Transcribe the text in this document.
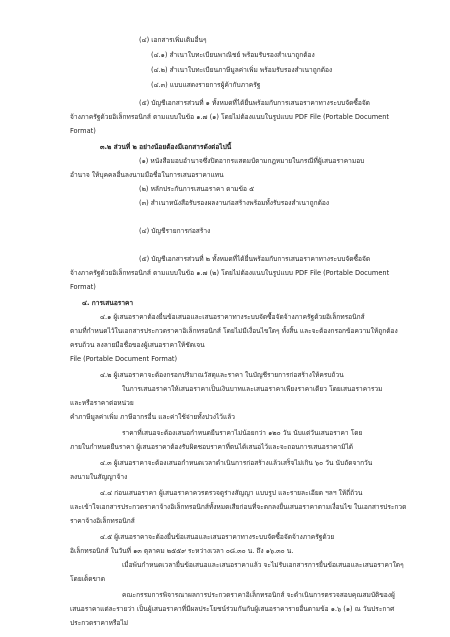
(๔) เอกสารเพิ่มเติมอื่นๆ
(๔.๑) สำเนาใบทะเบียนพาณิชย์ พร้อมรับรองสำเนาถูกต้อง
(๔.๒) สำเนาใบทะเบียนภาษีมูลค่าเพิ่ม พร้อมรับรองสำเนาถูกต้อง
(๔.๓) แบบแสดงรายการผู้ค้ากับภาครัฐ
(๕) บัญชีเอกสารส่วนที่ ๑ ทั้งหมดที่ได้ยื่นพร้อมกับการเสนอราคาทางระบบจัดซื้อจัด
จ้างภาครัฐด้วยอิเล็กทรอนิกส์ ตามแบบในข้อ ๑.๗ (๑) โดยไม่ต้องแนบในรูปแบบ PDF File (Portable Document
Format)
๓.๒ ส่วนที่ ๒ อย่างน้อยต้องมีเอกสารดังต่อไปนี้
(๑) หนังสือมอบอำนาจซึ่งปิดอากรแสตมป์ตามกฎหมายในกรณีที่ผู้เสนอราคามอบ
อำนาจ ให้บุคคลอื่นลงนามมือชื่อในการเสนอราคาแทน
(๒) หลักประกันการเสนอราคา ตามข้อ ๕
(๓) สำเนาหนังสือรับรองผลงานก่อสร้างพร้อมทั้งรับรองสำเนาถูกต้อง
(๔) บัญชีรายการก่อสร้าง
(๕) บัญชีเอกสารส่วนที่ ๒ ทั้งหมดที่ได้ยื่นพร้อมกับการเสนอราคาทางระบบจัดซื้อจัด
จ้างภาครัฐด้วยอิเล็กทรอนิกส์ ตามแบบในข้อ ๑.๗ (๒) โดยไม่ต้องแนบในรูปแบบ PDF File (Portable Document
Format)
๔. การเสนอราคา
๔.๑ ผู้เสนอราคาต้องยื่นข้อเสนอและเสนอราคาทางระบบจัดซื้อจัดจ้างภาครัฐด้วยอิเล็กทรอนิกส์
ตามที่กำหนดไว้ในเอกสารประกวดราคาอิเล็กทรอนิกส์ โดยไม่มีเงื่อนไขใดๆ ทั้งสิ้น และจะต้องกรอกข้อความให้ถูกต้อง
ครบถ้วน ลงลายมือชื่อของผู้เสนอราคาให้ชัดเจน
File (Portable Document Format)
๔.๒ ผู้เสนอราคาจะต้องกรอกปริมาณวัสดุและราคา ในบัญชีรายการก่อสร้างให้ครบถ้วน
ในการเสนอราคาให้เสนอราคาเป็นเงินบาทและเสนอราคาเพียงราคาเดียว โดยเสนอราคารวม
และหรือราคาต่อหน่วย
คำภาษีมูลค่าเพิ่ม ภาษีอากรอื่น และค่าใช้จ่ายทั้งปวงไว้แล้ว
ราคาที่เสนอจะต้องเสนอกำหนดยืนราคาไม่น้อยกว่า ๑๒๐ วัน นับแต่วันเสนอราคา โดย
ภายในกำหนดยืนราคา ผู้เสนอราคาต้องรับผิดชอบราคาที่ตนได้เสนอไว้และจะถอนการเสนอราคามิได้
๔.๓ ผู้เสนอราคาจะต้องเสนอกำหนดเวลาดำเนินการก่อสร้างแล้วเสร็จไม่เกิน ๖๐ วัน นับถัดจากวัน
ลงนามในสัญญาจ้าง
๔.๔ ก่อนเสนอราคา ผู้เสนอราคาควรตรวจดูร่างสัญญา แบบรูป และรายละเอียด ฯลฯ ให้ถี่ถ้วน
และเข้าใจเอกสารประกวดราคาจ้างอิเล็กทรอนิกส์ทั้งหมดเสียก่อนที่จะตกลงยื่นเสนอราคาตามเงื่อนไข ในเอกสารประกวด
ราคาจ้างอิเล็กทรอนิกส์
๔.๕ ผู้เสนอราคาจะต้องยื่นข้อเสนอและเสนอราคาทางระบบจัดซื้อจัดจ้างภาครัฐด้วย
อิเล็กทรอนิกส์ ในวันที่ ๑๓ ตุลาคม ๒๕๕๙ ระหว่างเวลา ๐๘.๓๐ น. ถึง ๑๖.๓๐ น.
เมื่อพ้นกำหนดเวลายื่นข้อเสนอและเสนอราคาแล้ว จะไม่รับเอกสารการยื่นข้อเสนอและเสนอราคาใดๆ
โดยเด็ดขาด
คณะกรรมการพิจารณาผลการประกวดราคาอิเล็กทรอนิกส์ จะดำเนินการตรวจสอบคุณสมบัติของผู้
เสนอราคาแต่ละรายว่า เป็นผู้เสนอราคาที่มีผลประโยชน์ร่วมกันกับผู้เสนอราคารายอื่นตามข้อ ๑.๖ (๑) ณ วันประกาศ
ประกวดราคาหรือไม่
